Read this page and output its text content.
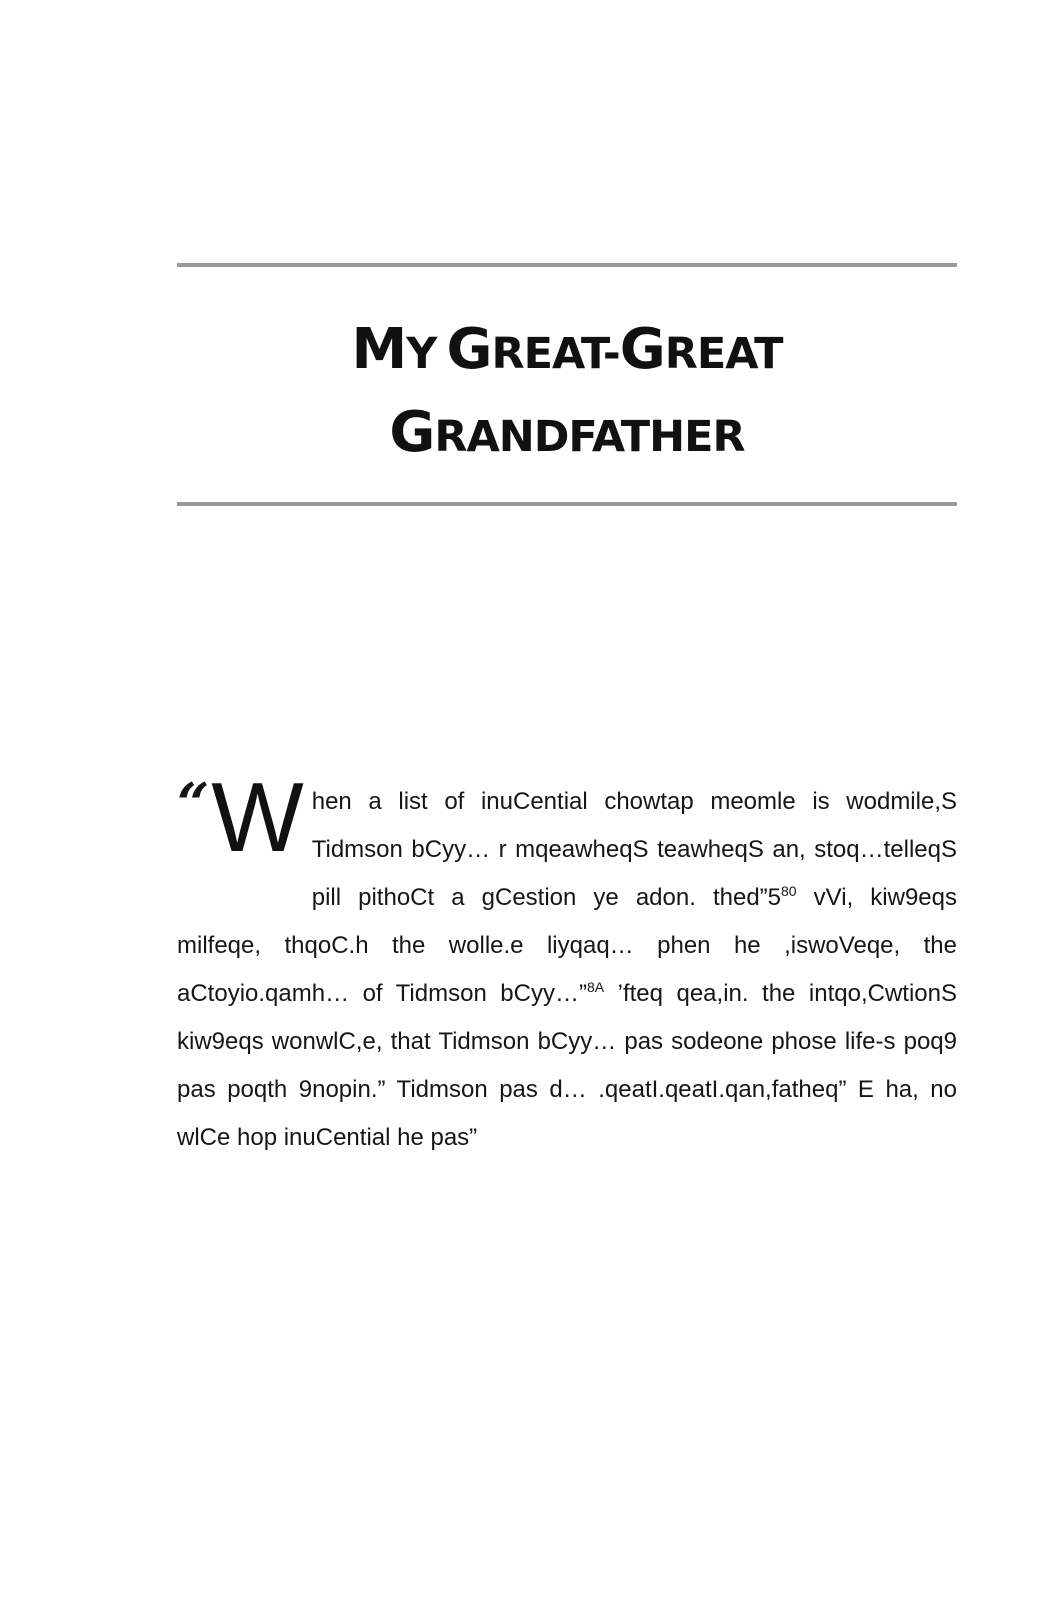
MY GREAT-GREAT
GRANDFATHER
“ W hen a list of inuCential chowtap meomle is wodmile,S Tidmson bCyy… r mqeawheqS teawheqS an, stoq…telleqS pill pithoCt a gCestion ye adon. $thed”5^{80}$ vVi, kiw9eqs milfeqe, thqoC.h the wolle.e liyqaq… phen he ,iswoVeqe, the aCtoyio.qamh… of Tidmson bCyy…”$^{8A}$ ’fteq qea,in. the intqo,CwtionS kiw9eqs wonwlC,e, that Tidmson bCyy… pas sodeone phose life-s poq9 pas poqth 9nopin.” Tidmson pas d… .qeatI.qeatI.qan,fatheq” E ha, no wlCe hop inuCential he pas”
